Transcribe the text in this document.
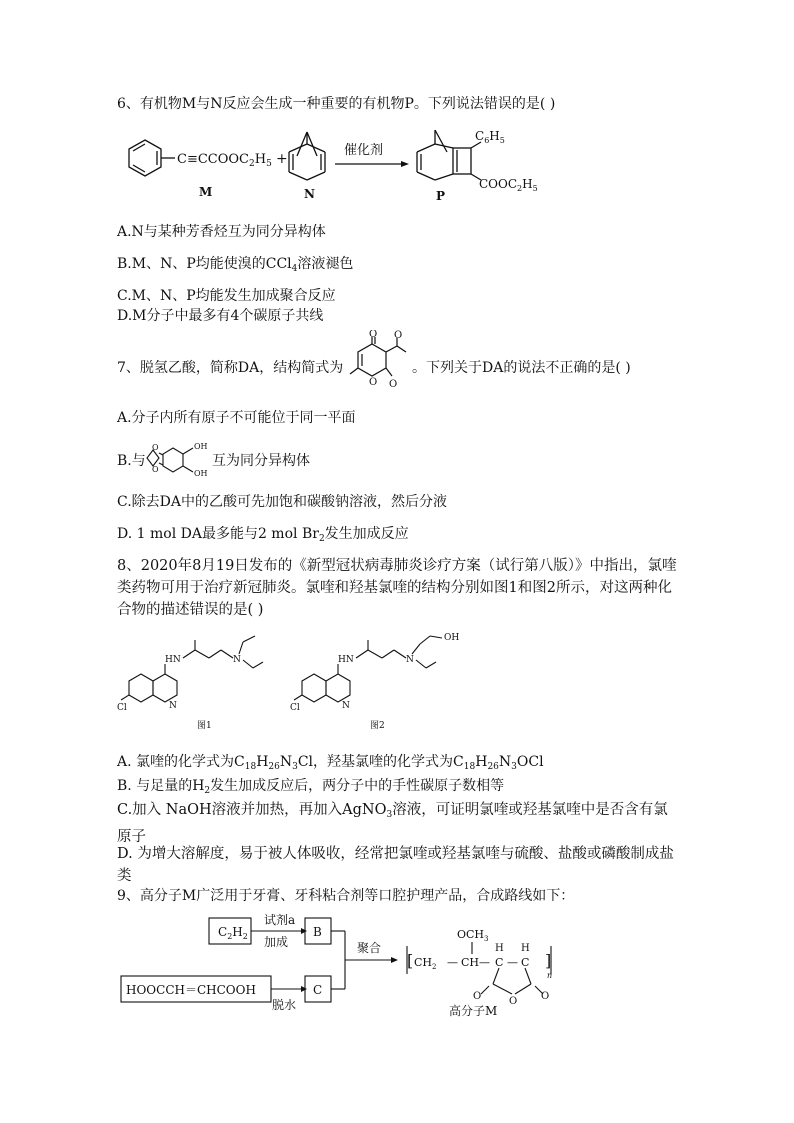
6、有机物M与N反应会生成一种重要的有机物P。下列说法错误的是( )
$C\equiv CCOOC_2H_5$ +
M	N
催化剂
$C_6H_5$
$COOC_2H_5$
P
A.N与某种芳香烃互为同分异构体
B.M、N、P均能使溴的CCl$_4$溶液褪色
C.M、N、P均能发生加成聚合反应
D.M分子中最多有4个碳原子共线
7、脱氢乙酸，简称DA，结构简式为
O O
O O
。下列关于DA的说法不正确的是( )
A.分子内所有原子不可能位于同一平面
B.与
O
O
OH
OH
互为同分异构体
C.除去DA中的乙酸可先加饱和碳酸钠溶液，然后分液
D. 1 mol DA最多能与2 mol $Br_2$发生加成反应
8、2020年8月19日发布的《新型冠状病毒肺炎诊疗方案（试行第八版）》中指出，氯喹类药物可用于治疗新冠肺炎。氯喹和羟基氯喹的结构分别如图1和图2所示，对这两种化合物的描述错误的是( )
HN	N
N
Cl
图1
HN	N
N
Cl
OH
图2
A. 氯喹的化学式为$C_{18}H_{26}N_3Cl$，羟基氯喹的化学式为$C_{18}H_{26}N_3OCl$
B. 与足量的$H_2$发生加成反应后，两分子中的手性碳原子数相等
C.加入 NaOH溶液并加热，再加入AgNO$_3$溶液，可证明氯喹或羟基氯喹中是否含有氯原子
D. 为增大溶解度，易于被人体吸收，经常把氯喹或羟基氯喹与硫酸、盐酸或磷酸制成盐类
9、高分子M广泛用于牙膏、牙科粘合剂等口腔护理产品，合成路线如下：
$C_2H_2$
试剂a
加成
B
HOOCCH＝CHCOOH
脱水
C
聚合
[ $CH_2$ — CH
$OCH_3$
— C
H
— C
H
]
n
O	O O
高分子M
